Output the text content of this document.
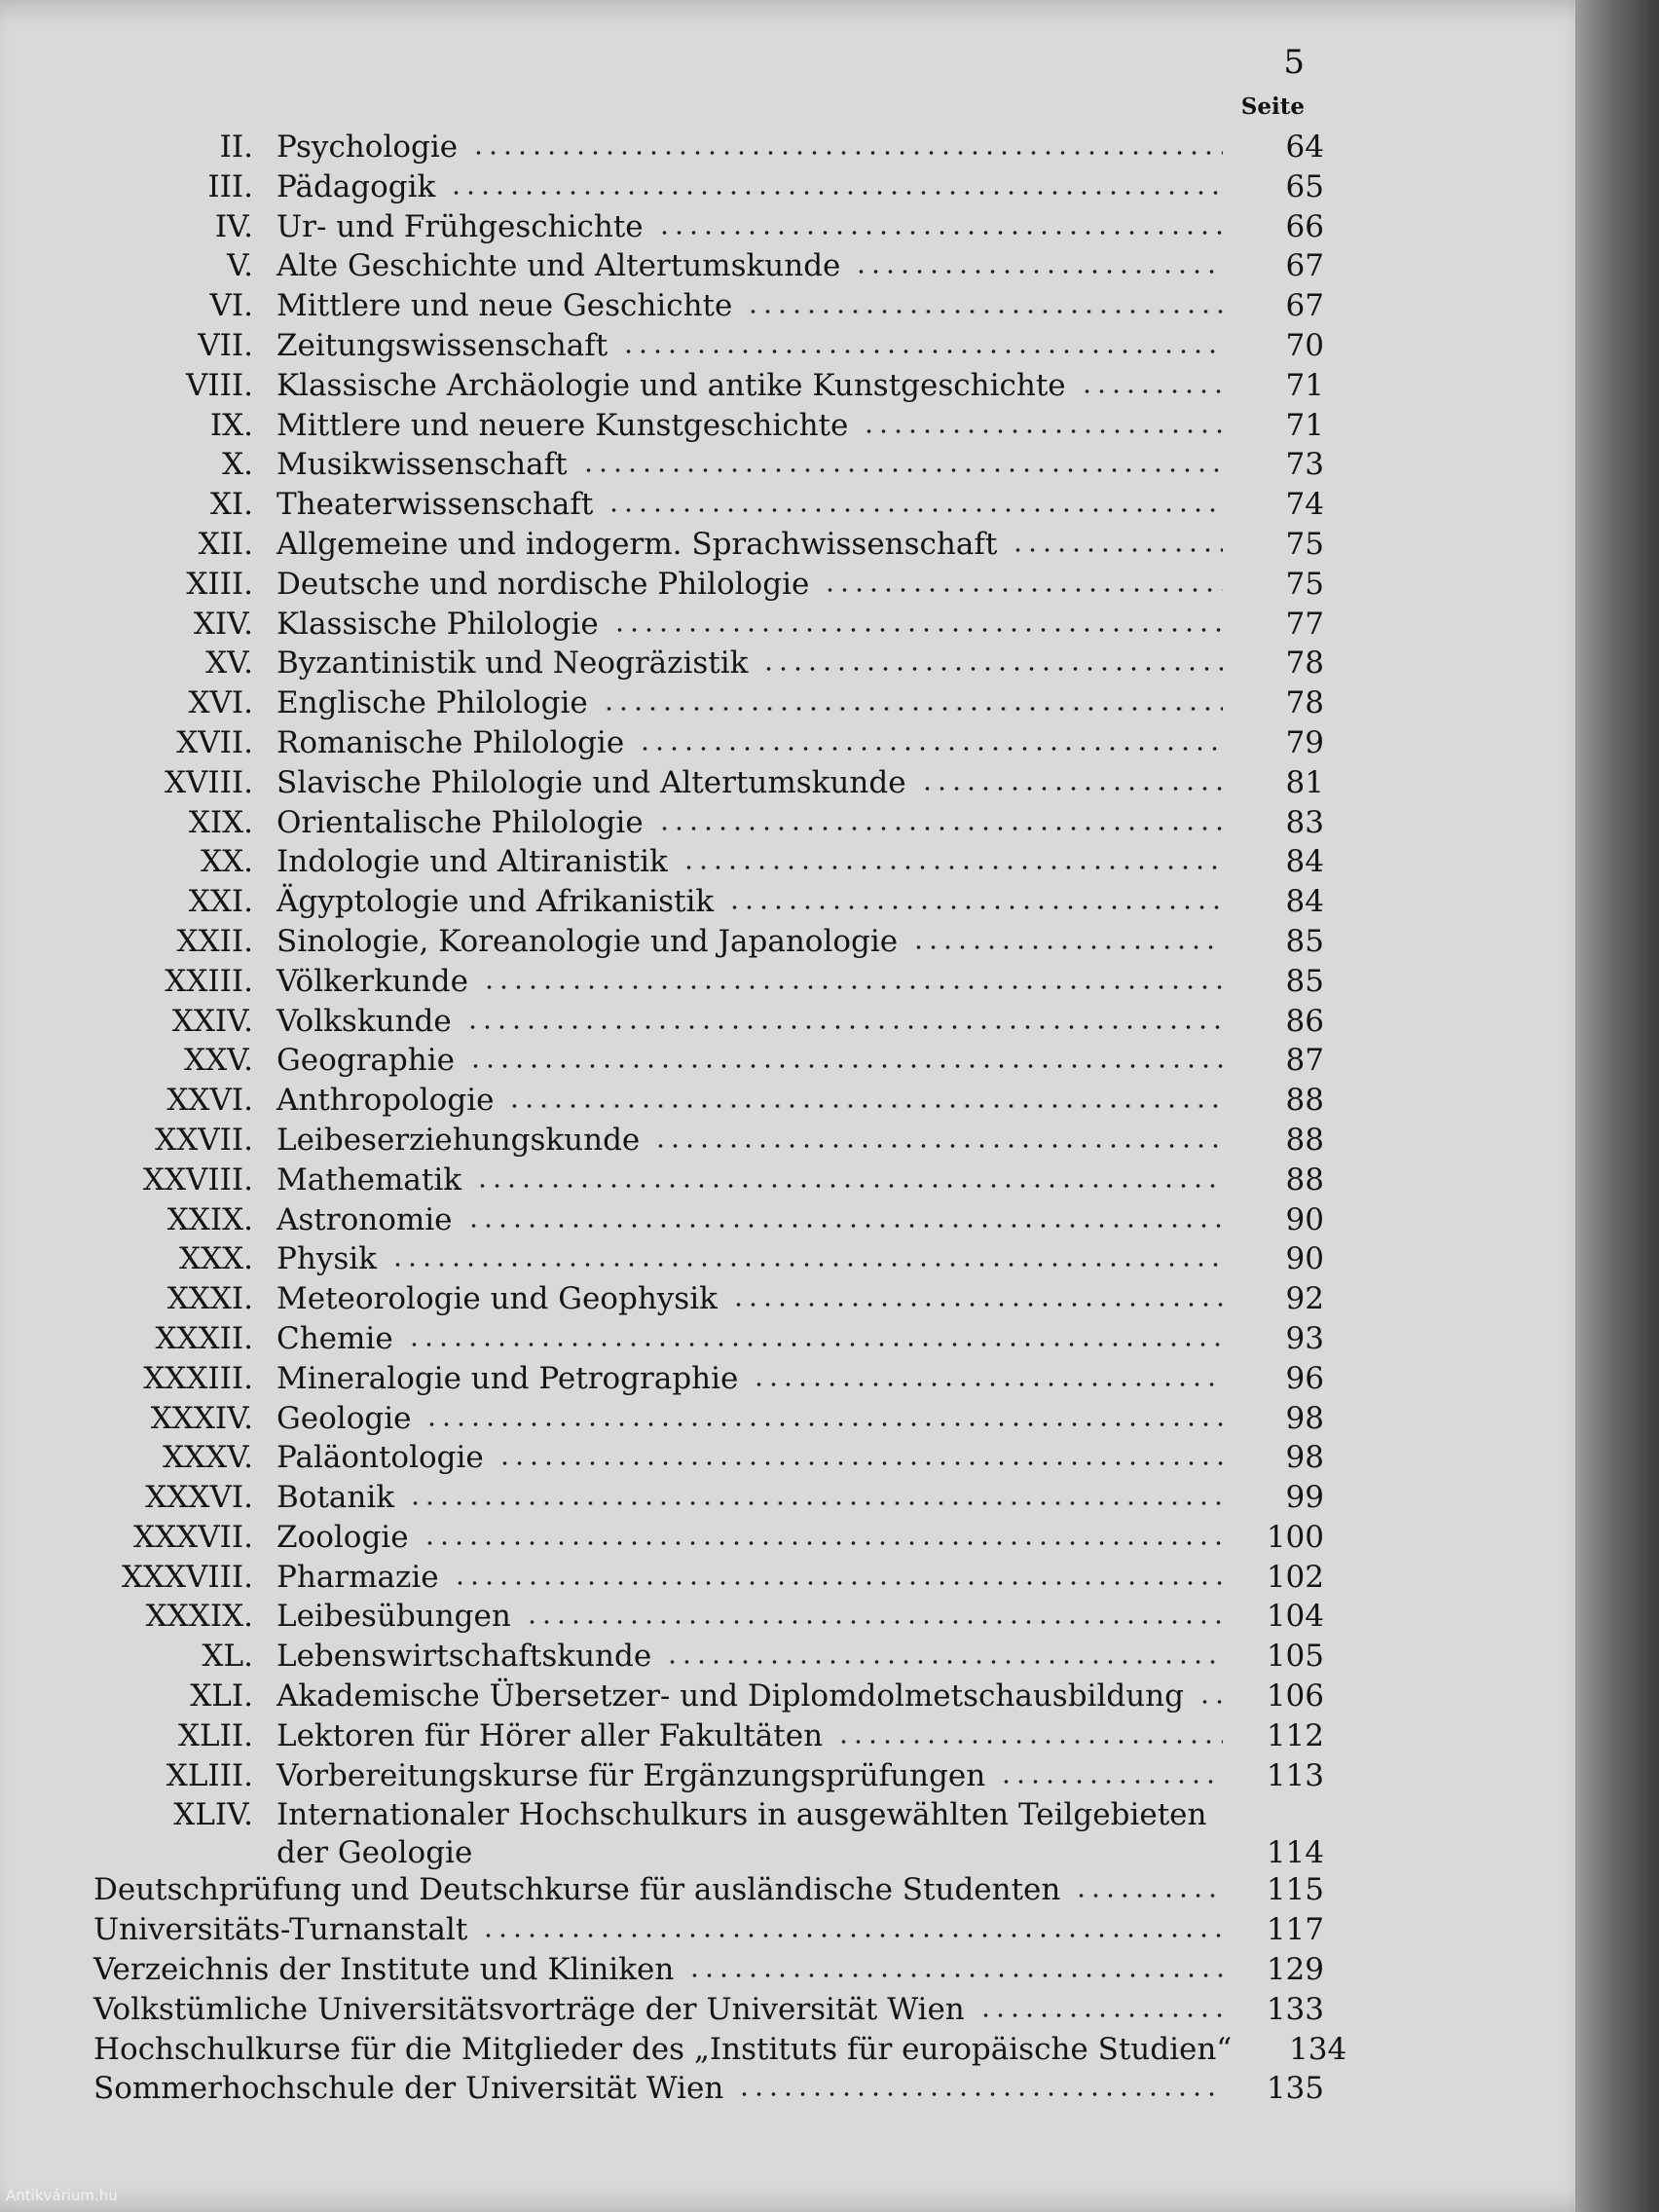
5
Seite
II. Psychologie	64
III. Pädagogik	65
IV. Ur- und Frühgeschichte	66
V. Alte Geschichte und Altertumskunde	67
VI. Mittlere und neue Geschichte	67
VII. Zeitungswissenschaft	70
VIII. Klassische Archäologie und antike Kunstgeschichte	71
IX. Mittlere und neuere Kunstgeschichte	71
X. Musikwissenschaft	73
XI. Theaterwissenschaft	74
XII. Allgemeine und indogerm. Sprachwissenschaft	75
XIII. Deutsche und nordische Philologie	75
XIV. Klassische Philologie	77
XV. Byzantinistik und Neogräzistik	78
XVI. Englische Philologie	78
XVII. Romanische Philologie	79
XVIII. Slavische Philologie und Altertumskunde	81
XIX. Orientalische Philologie	83
XX. Indologie und Altiranistik	84
XXI. Ägyptologie und Afrikanistik	84
XXII. Sinologie, Koreanologie und Japanologie	85
XXIII. Völkerkunde	85
XXIV. Volkskunde	86
XXV. Geographie	87
XXVI. Anthropologie	88
XXVII. Leibeserziehungskunde	88
XXVIII. Mathematik	88
XXIX. Astronomie	90
XXX. Physik	90
XXXI. Meteorologie und Geophysik	92
XXXII. Chemie	93
XXXIII. Mineralogie und Petrographie	96
XXXIV. Geologie	98
XXXV. Paläontologie	98
XXXVI. Botanik	99
XXXVII. Zoologie	100
XXXVIII. Pharmazie	102
XXXIX. Leibesübungen	104
XL. Lebenswirtschaftskunde	105
XLI. Akademische Übersetzer- und Diplomdolmetschausbildung	106
XLII. Lektoren für Hörer aller Fakultäten	112
XLIII. Vorbereitungskurse für Ergänzungsprüfungen	113
XLIV. Internationaler Hochschulkurs in ausgewählten Teilgebieten
der Geologie	114
Deutschprüfung und Deutschkurse für ausländische Studenten	115
Universitäts-Turnanstalt	117
Verzeichnis der Institute und Kliniken	129
Volkstümliche Universitätsvorträge der Universität Wien	133
Hochschulkurse für die Mitglieder des „Instituts für europäische Studien“	134
Sommerhochschule der Universität Wien	135
Antikvárium.hu
